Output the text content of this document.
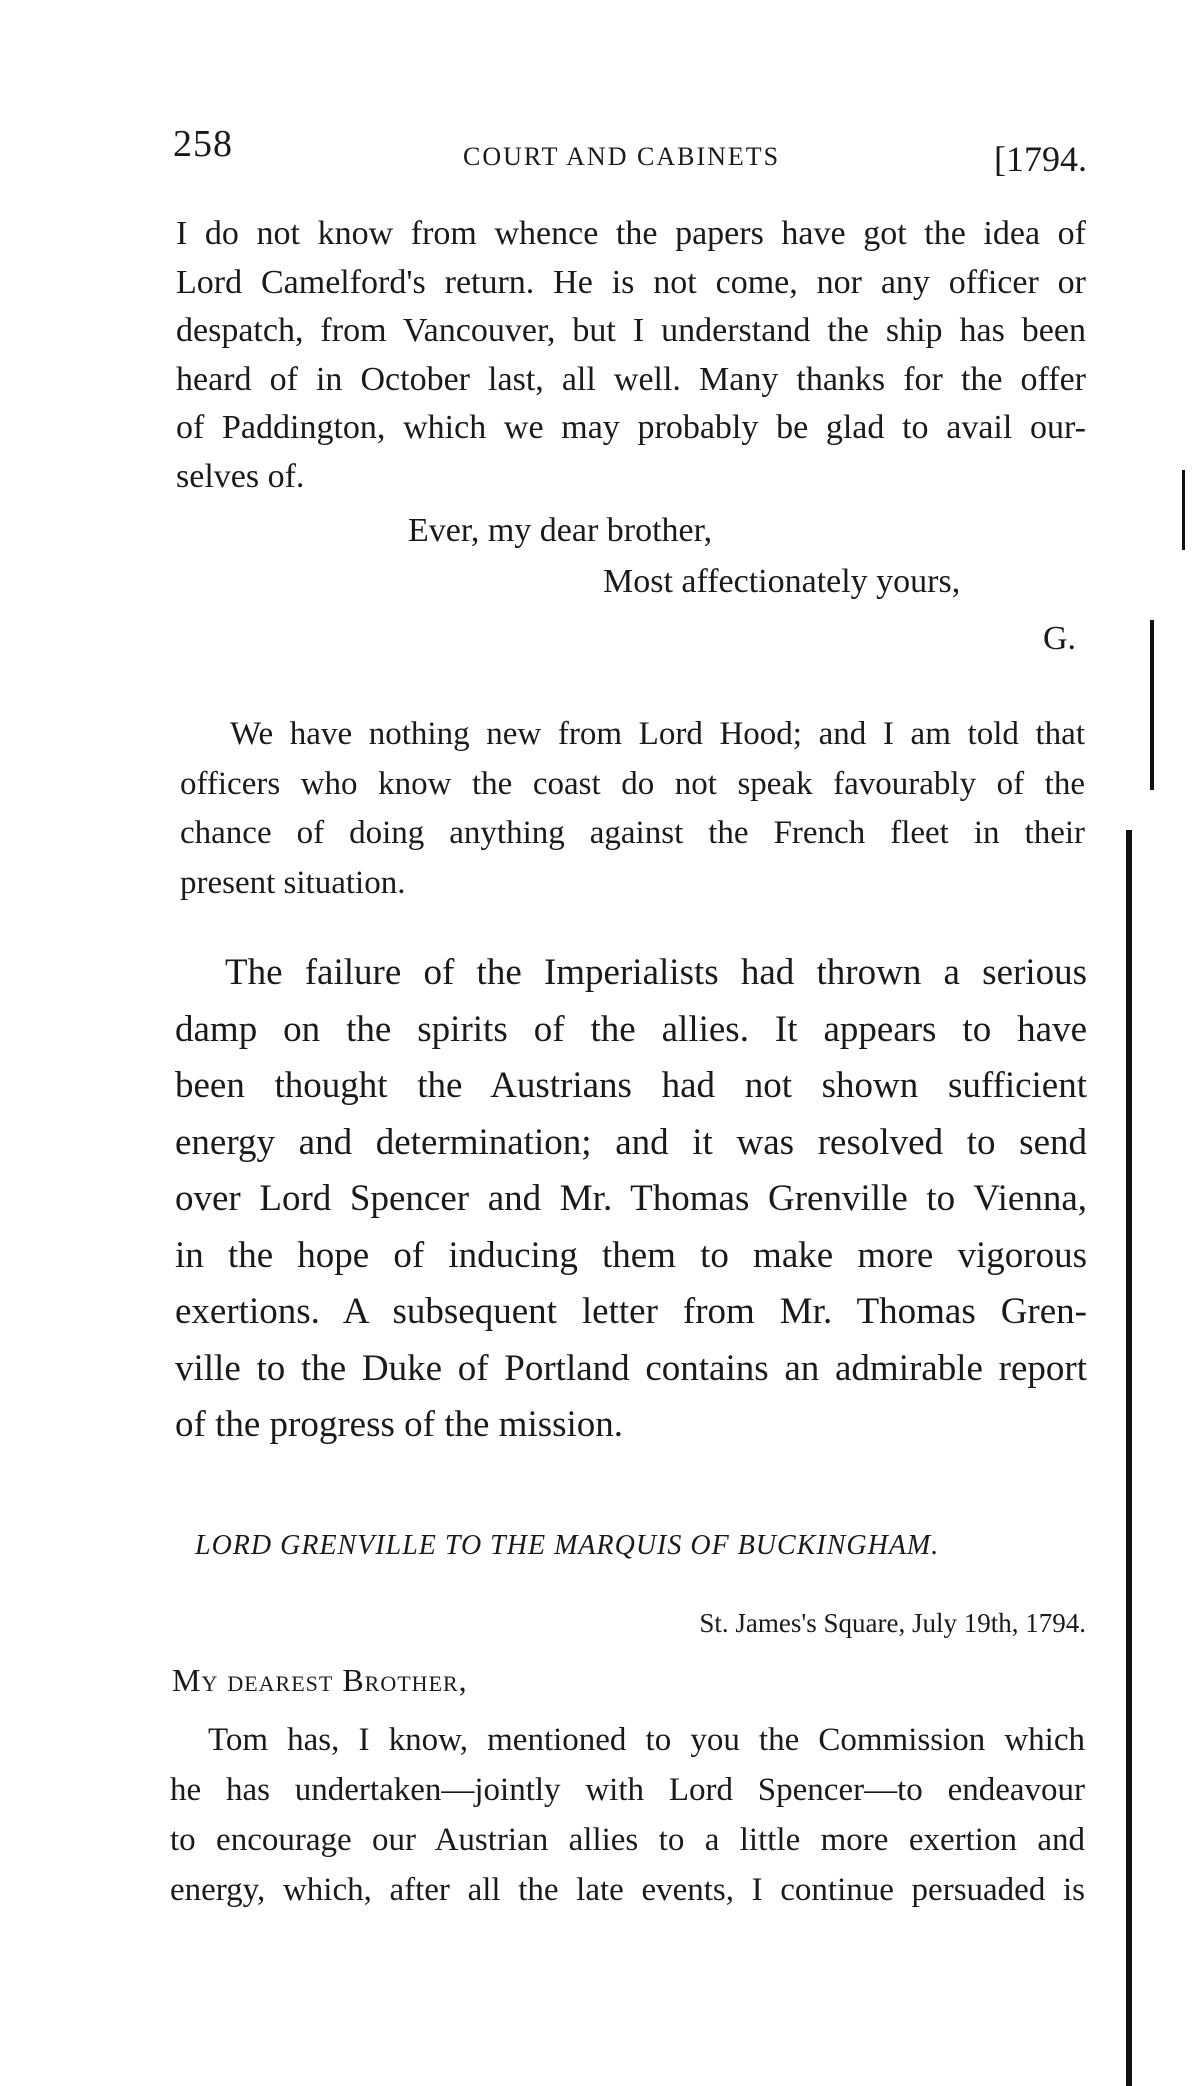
258	COURT AND CABINETS	[1794.
I do not know from whence the papers have got the idea of
Lord Camelford's return. He is not come, nor any officer or
despatch, from Vancouver, but I understand the ship has been
heard of in October last, all well. Many thanks for the offer
of Paddington, which we may probably be glad to avail our-
selves of.
Ever, my dear brother,
Most affectionately yours,
G.
We have nothing new from Lord Hood; and I am told that
officers who know the coast do not speak favourably of the
chance of doing anything against the French fleet in their
present situation.
The failure of the Imperialists had thrown a serious
damp on the spirits of the allies. It appears to have
been thought the Austrians had not shown sufficient
energy and determination; and it was resolved to send
over Lord Spencer and Mr. Thomas Grenville to Vienna,
in the hope of inducing them to make more vigorous
exertions. A subsequent letter from Mr. Thomas Gren-
ville to the Duke of Portland contains an admirable report
of the progress of the mission.
LORD GRENVILLE TO THE MARQUIS OF BUCKINGHAM.
St. James's Square, July 19th, 1794.
My dearest Brother,
Tom has, I know, mentioned to you the Commission which
he has undertaken—jointly with Lord Spencer—to endeavour
to encourage our Austrian allies to a little more exertion and
energy, which, after all the late events, I continue persuaded is
